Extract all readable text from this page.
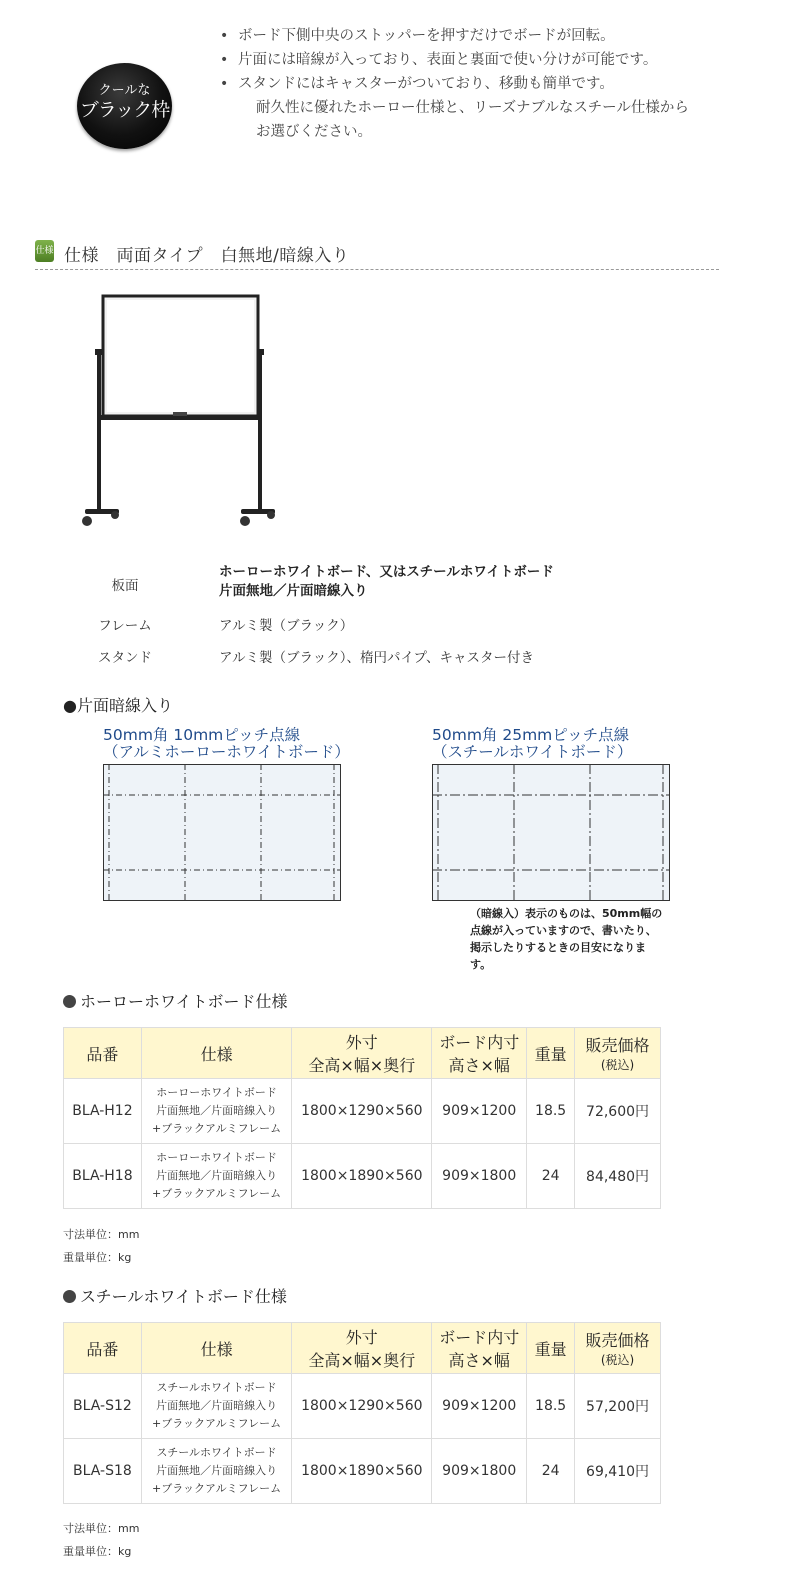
クールな
ブラック枠
• ボード下側中央のストッパーを押すだけでボードが回転。
• 片面には暗線が入っており、表面と裏面で使い分けが可能です。
• スタンドにはキャスターがついており、移動も簡単です。
耐久性に優れたホーロー仕様と、リーズナブルなスチール仕様から
お選びください。
仕様 仕様　両面タイプ　白無地/暗線入り
板面
ホーローホワイトボード、又はスチールホワイトボード
片面無地／片面暗線入り
フレーム	アルミ製（ブラック）
スタンド	アルミ製（ブラック）、楕円パイプ、キャスター付き
●片面暗線入り
50mm角 10mmピッチ点線
（アルミホーローホワイトボード）
50mm角 25mmピッチ点線
（スチールホワイトボード）
（暗線入）表示のものは、50mm幅の
点線が入っていますので、書いたり、
掲示したりするときの目安になりま
す。
ホーローホワイトボード仕様
品番	仕様	外寸
全高×幅×奥行	ボード内寸
高さ×幅	重量	販売価格
(税込)

BLA-H12	ホーローホワイトボード
片面無地／片面暗線入り
+ブラックアルミフレーム	1800×1290×560	909×1200	18.5	72,600円
BLA-H18	ホーローホワイトボード
片面無地／片面暗線入り
+ブラックアルミフレーム	1800×1890×560	909×1800	24	84,480円
寸法単位：mm
重量単位：kg
スチールホワイトボード仕様
品番	仕様	外寸
全高×幅×奥行	ボード内寸
高さ×幅	重量	販売価格
(税込)

BLA-S12	スチールホワイトボード
片面無地／片面暗線入り
+ブラックアルミフレーム	1800×1290×560	909×1200	18.5	57,200円
BLA-S18	スチールホワイトボード
片面無地／片面暗線入り
+ブラックアルミフレーム	1800×1890×560	909×1800	24	69,410円
寸法単位：mm
重量単位：kg
